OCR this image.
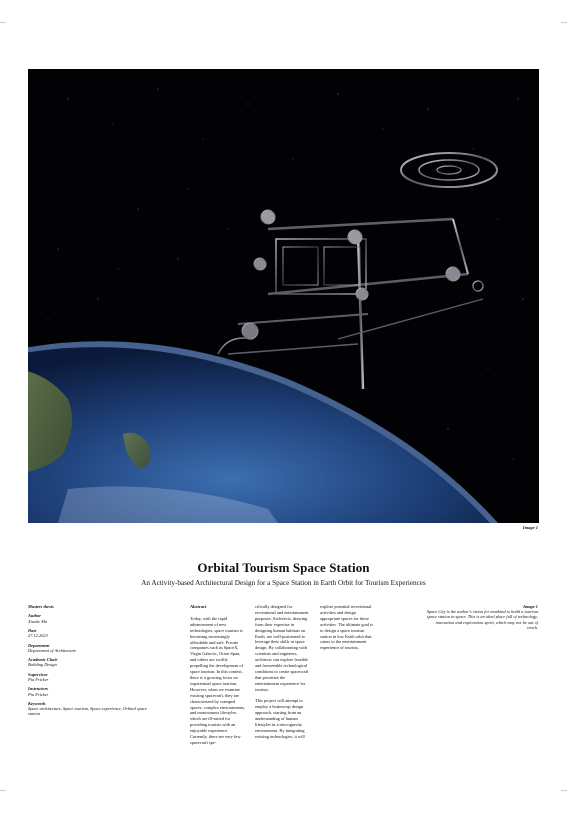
Image 1
Orbital Tourism Space Station
An Activity-based Architectural Design for a Space Station in Earth Orbit for Tourism Experiences
Masters thesis
Author
Xiaoke Ma
Date
27.12.2023
Department
Department of Architecture
Academic Chair
Building Design
Supervisor
Pia Fricker
Instructors
Pia Fricker
Keywords
Space architecture, Space tourism, Space experience, Orbital space station
Abstract

Today, with the rapid advancement of new technologies, space tourism is becoming increasingly affordable and safe. Private companies such as SpaceX, Virgin Galactic, Orion Span, and others are swiftly propelling the development of space tourism. In this context, there is a growing focus on experiential space tourism. However, when we examine existing spacecraft, they are characterized by cramped spaces, complex environments, and monotonous lifestyles, which are ill-suited for providing tourists with an enjoyable experience. Currently, there are very few spacecraft spe-

cifically designed for recreational and entertainment purposes. Architects, drawing from their expertise in designing human habitats on Earth, are well-positioned to leverage their skills in space design. By collaborating with scientists and engineers, architects can explore feasible and foreseeable technological conditions to create spacecraft that prioritize the entertainment experience for tourists.

This project will attempt to employ a bottom-up design approach, starting from an understanding of human lifestyles in a microgravity environment. By integrating existing technologies, it will

explore potential recreational activities and design appropriate spaces for these activities. The ultimate goal is to design a space tourism station in low Earth orbit that caters to the entertainment experience of tourists.

Image 1
Space City is the author's vision for mankind to build a tourism space station in space. This is an ideal place full of technology, innovation and exploration spirit, which may not be out of reach.
